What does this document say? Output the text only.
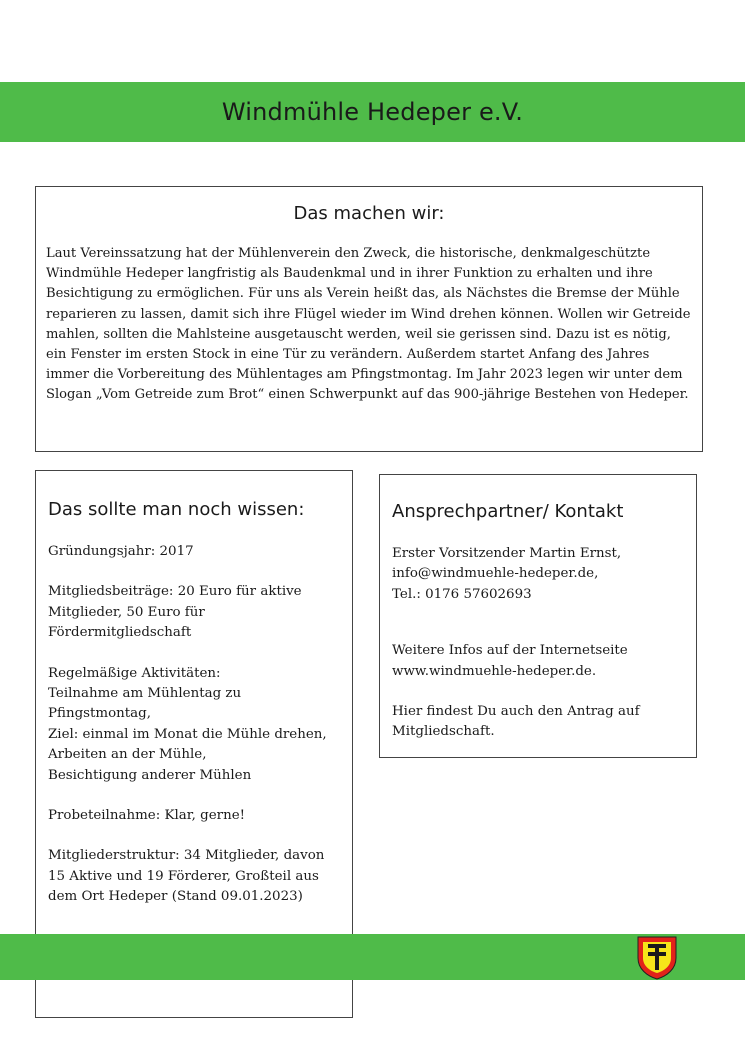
Windmühle Hedeper e.V.
Das machen wir:

Laut Vereinssatzung hat der Mühlenverein den Zweck, die historische, denkmalgeschützte Windmühle Hedeper langfristig als Baudenkmal und in ihrer Funktion zu erhalten und ihre Besichtigung zu ermöglichen. Für uns als Verein heißt das, als Nächstes die Bremse der Mühle reparieren zu lassen, damit sich ihre Flügel wieder im Wind drehen können. Wollen wir Getreide mahlen, sollten die Mahlsteine ausgetauscht werden, weil sie gerissen sind. Dazu ist es nötig, ein Fenster im ersten Stock in eine Tür zu verändern. Außerdem startet Anfang des Jahres immer die Vorbereitung des Mühlentages am Pfingstmontag. Im Jahr 2023 legen wir unter dem Slogan „Vom Getreide zum Brot“ einen Schwerpunkt auf das 900-jährige Bestehen von Hedeper.

Das sollte man noch wissen:

Gründungsjahr: 2017

Mitgliedsbeiträge: 20 Euro für aktive Mitglieder, 50 Euro für Fördermitgliedschaft

Regelmäßige Aktivitäten:
Teilnahme am Mühlentag zu Pfingstmontag,
Ziel: einmal im Monat die Mühle drehen,
Arbeiten an der Mühle,
Besichtigung anderer Mühlen

Probeteilnahme: Klar, gerne!

Mitgliederstruktur: 34 Mitglieder, davon 15 Aktive und 19 Förderer, Großteil aus dem Ort Hedeper (Stand 09.01.2023)

Ansprechpartner/ Kontakt

Erster Vorsitzender Martin Ernst,
info@windmuehle-hedeper.de,
Tel.: 0176 57602693

Weitere Infos auf der Internetseite www.windmuehle-hedeper.de.

Hier findest Du auch den Antrag auf Mitgliedschaft.
